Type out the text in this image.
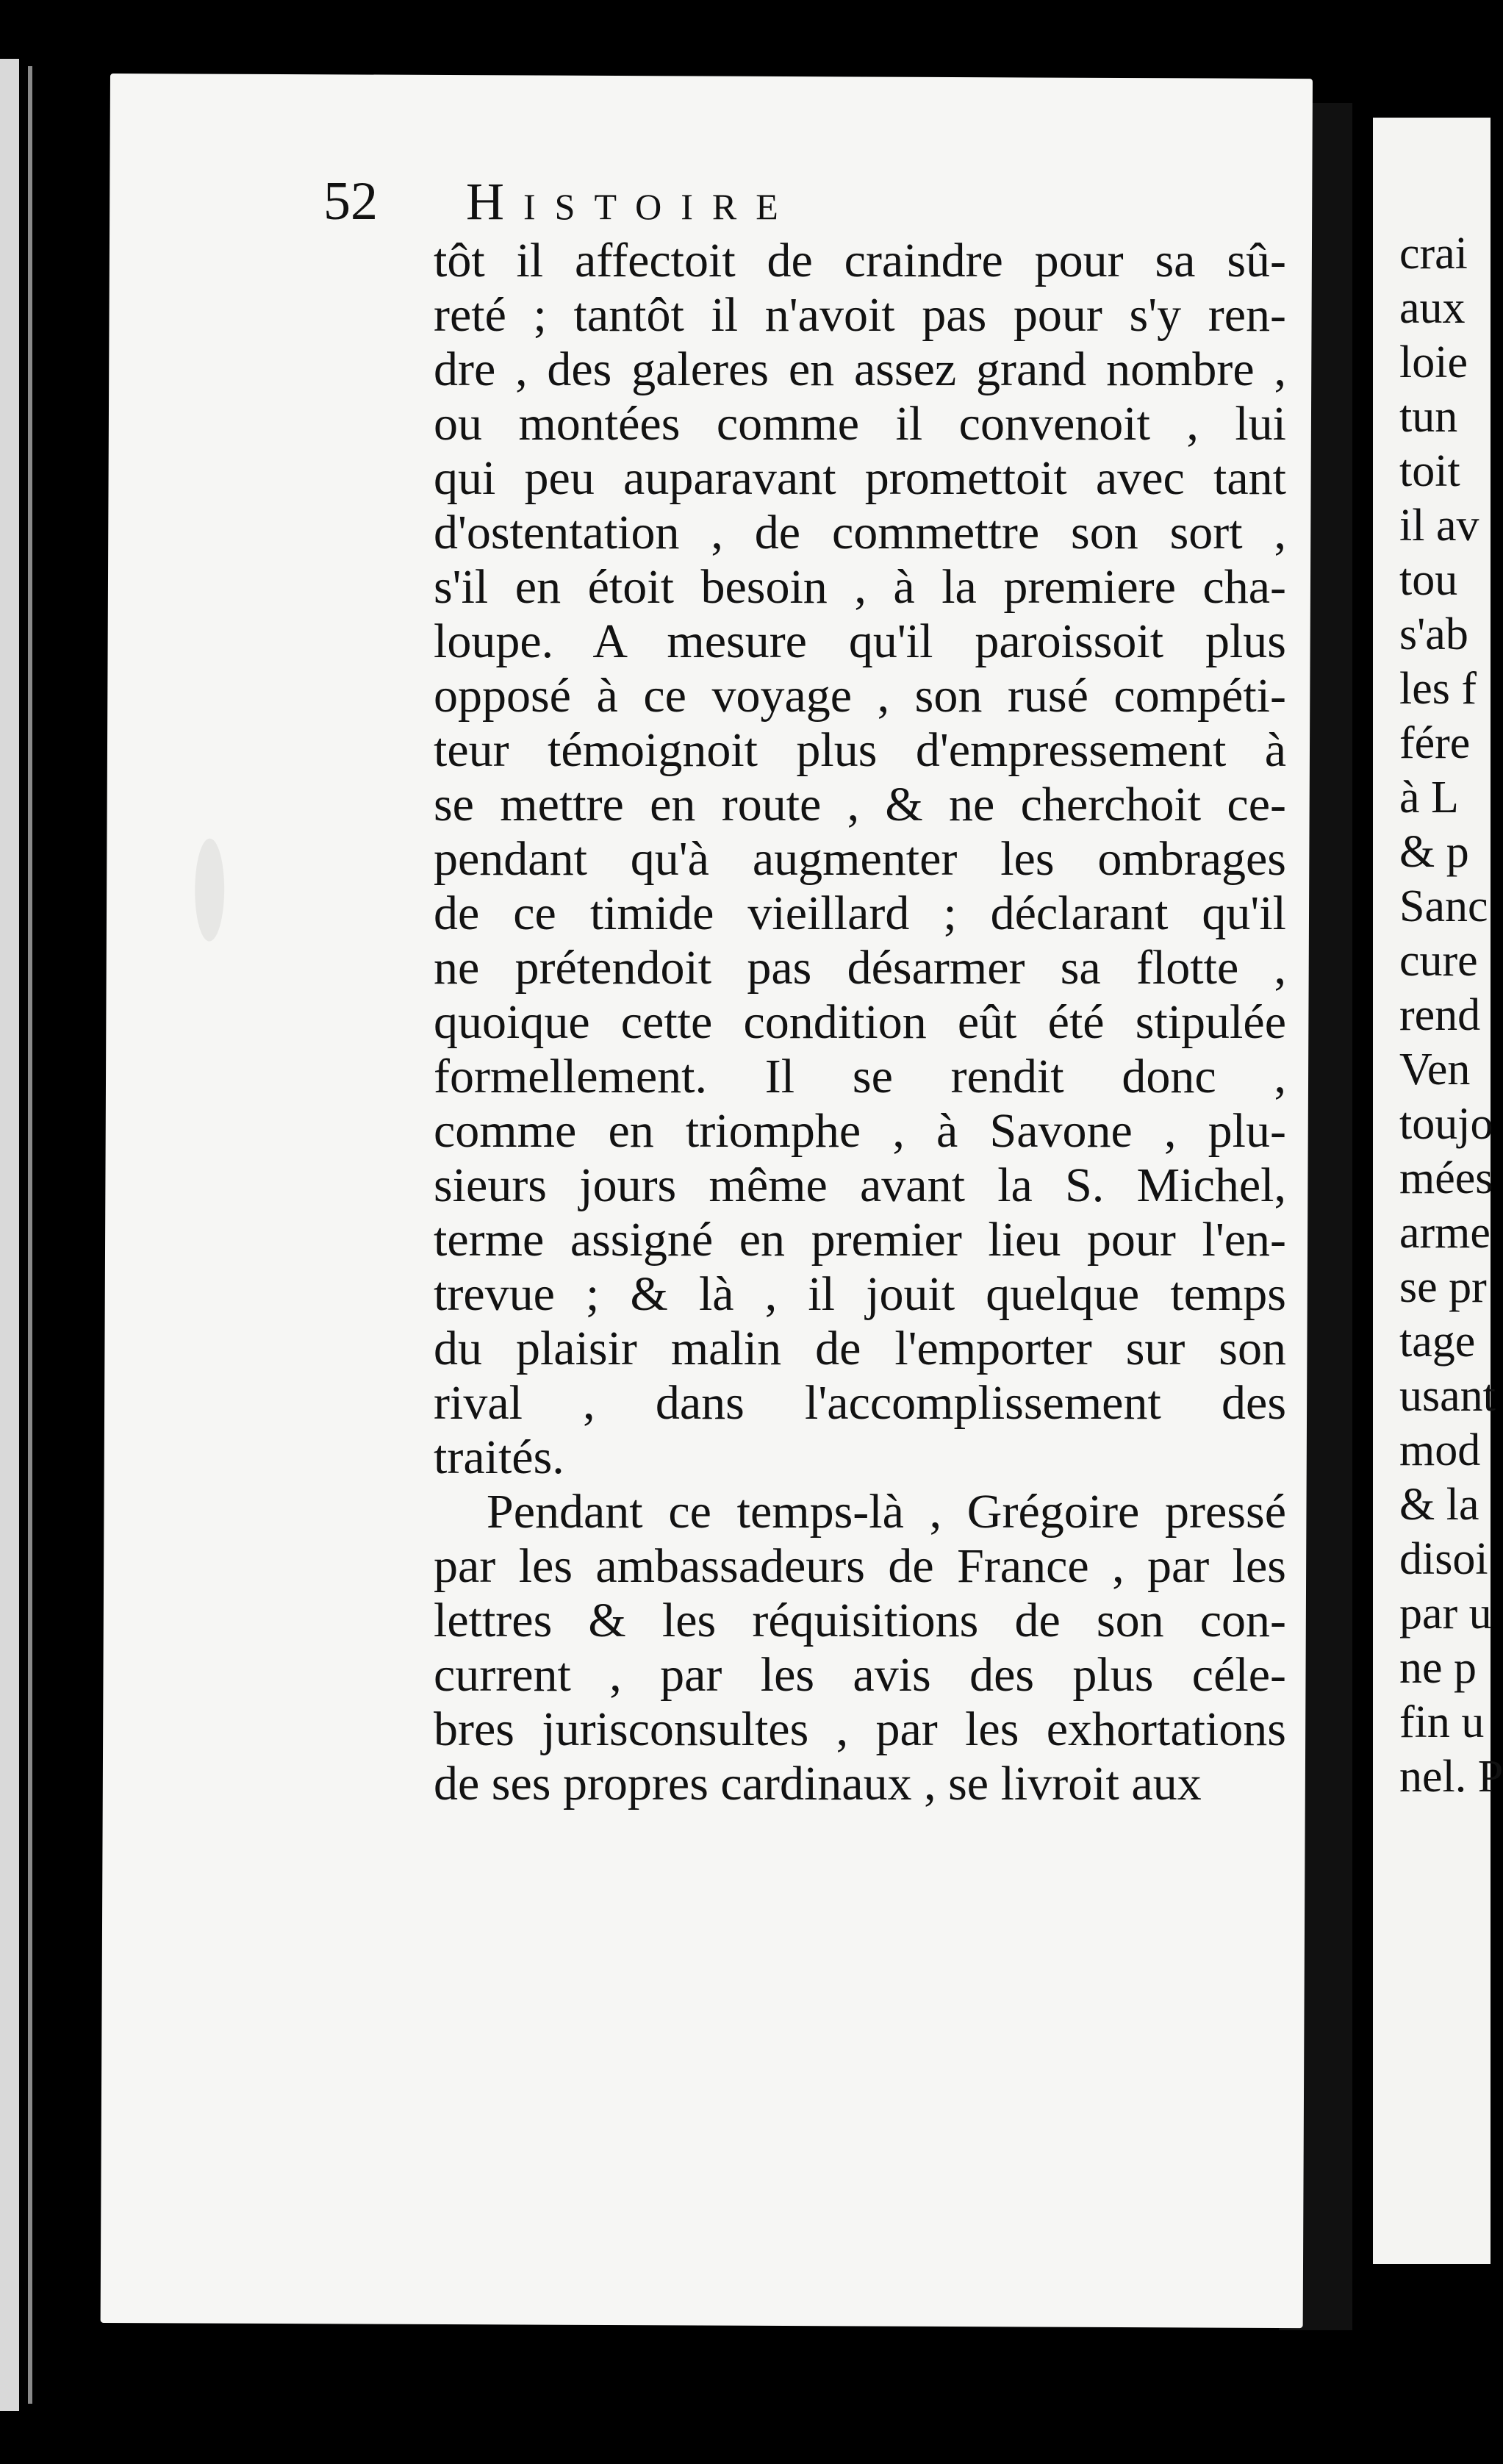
52 Histoire
tôt il affectoit de craindre pour sa sû-
reté ; tantôt il n'avoit pas pour s'y ren-
dre , des galeres en assez grand nombre ,
ou montées comme il convenoit , lui
qui peu auparavant promettoit avec tant
d'ostentation , de commettre son sort ,
s'il en étoit besoin , à la premiere cha-
loupe. A mesure qu'il paroissoit plus
opposé à ce voyage , son rusé compéti-
teur témoignoit plus d'empressement à
se mettre en route , & ne cherchoit ce-
pendant qu'à augmenter les ombrages
de ce timide vieillard ; déclarant qu'il
ne prétendoit pas désarmer sa flotte ,
quoique cette condition eût été stipulée
formellement. Il se rendit donc ,
comme en triomphe , à Savone , plu-
sieurs jours même avant la S. Michel,
terme assigné en premier lieu pour l'en-
trevue ; & là , il jouit quelque temps
du plaisir malin de l'emporter sur son
rival , dans l'accomplissement des
traités.
Pendant ce temps-là , Grégoire pressé
par les ambassadeurs de France , par les
lettres & les réquisitions de son con-
current , par les avis des plus céle-
bres jurisconsultes , par les exhortations
de ses propres cardinaux , se livroit aux
crai
aux
loie
tun
toit
il av
tou
s'ab
les f
fére
à L
& p
Sanc
cure
rend
Ven
toujo
mées
arme
se pr
tage
usant
mod
& la
disoi
par u
ne p
fin u
nel. P
